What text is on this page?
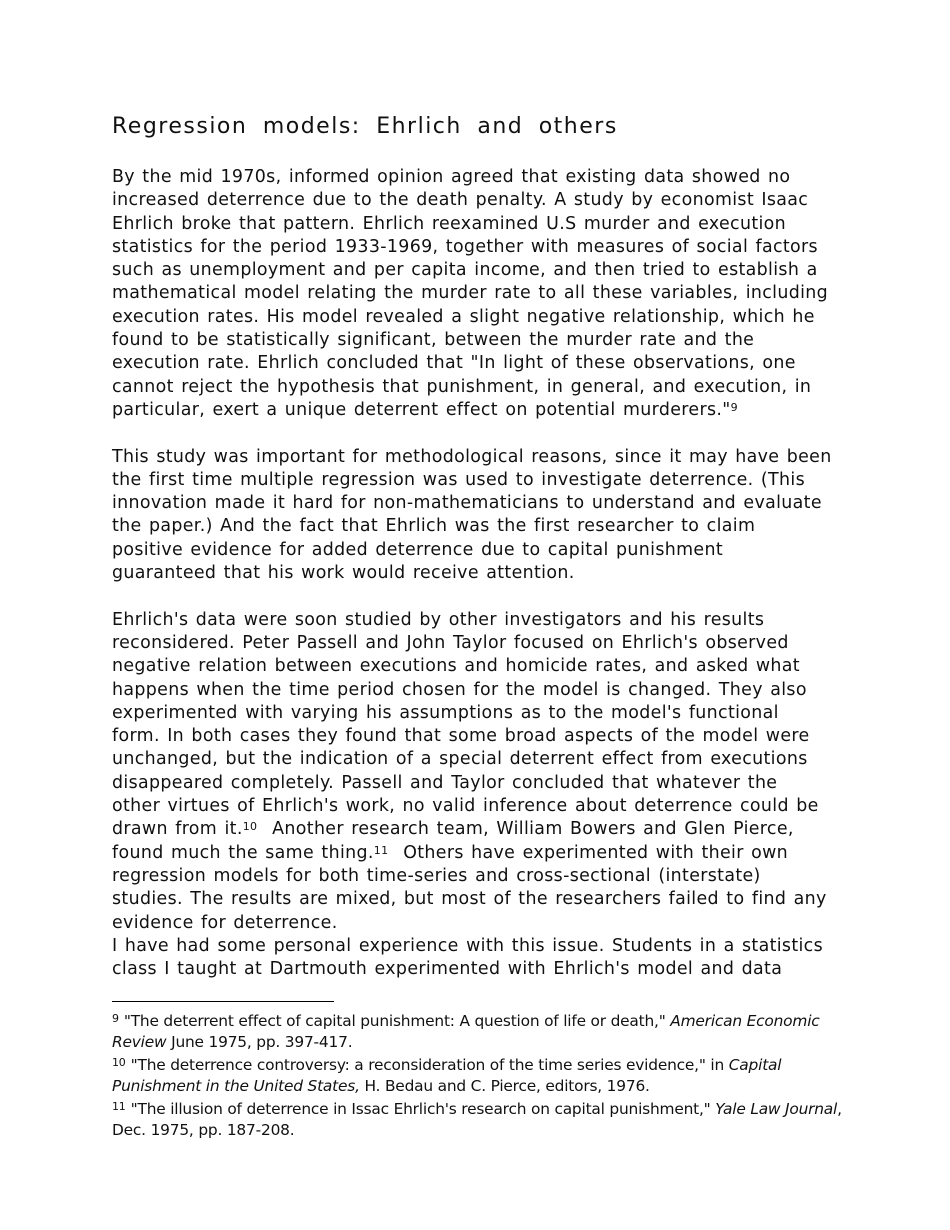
Regression models: Ehrlich and others
By the mid 1970s, informed opinion agreed that existing data showed no
increased deterrence due to the death penalty. A study by economist Isaac
Ehrlich broke that pattern. Ehrlich reexamined U.S murder and execution
statistics for the period 1933-1969, together with measures of social factors
such as unemployment and per capita income, and then tried to establish a
mathematical model relating the murder rate to all these variables, including
execution rates. His model revealed a slight negative relationship, which he
found to be statistically significant, between the murder rate and the
execution rate. Ehrlich concluded that "In light of these observations, one
cannot reject the hypothesis that punishment, in general, and execution, in
particular, exert a unique deterrent effect on potential murderers."$^9$
This study was important for methodological reasons, since it may have been
the first time multiple regression was used to investigate deterrence. (This
innovation made it hard for non-mathematicians to understand and evaluate
the paper.) And the fact that Ehrlich was the first researcher to claim
positive evidence for added deterrence due to capital punishment
guaranteed that his work would receive attention.
Ehrlich's data were soon studied by other investigators and his results
reconsidered. Peter Passell and John Taylor focused on Ehrlich's observed
negative relation between executions and homicide rates, and asked what
happens when the time period chosen for the model is changed. They also
experimented with varying his assumptions as to the model's functional
form. In both cases they found that some broad aspects of the model were
unchanged, but the indication of a special deterrent effect from executions
disappeared completely. Passell and Taylor concluded that whatever the
other virtues of Ehrlich's work, no valid inference about deterrence could be
drawn from it.$^{10}$  Another research team, William Bowers and Glen Pierce,
found much the same thing.$^{11}$  Others have experimented with their own
regression models for both time-series and cross-sectional (interstate)
studies. The results are mixed, but most of the researchers failed to find any
evidence for deterrence.
I have had some personal experience with this issue. Students in a statistics
class I taught at Dartmouth experimented with Ehrlich's model and data
$^9$ "The deterrent effect of capital punishment: A question of life or death," American Economic
Review June 1975, pp. 397-417.
$^{10}$ "The deterrence controversy: a reconsideration of the time series evidence," in Capital
Punishment in the United States, H. Bedau and C. Pierce, editors, 1976.
$^{11}$ "The illusion of deterrence in Issac Ehrlich's research on capital punishment," Yale Law Journal,
Dec. 1975, pp. 187-208.
